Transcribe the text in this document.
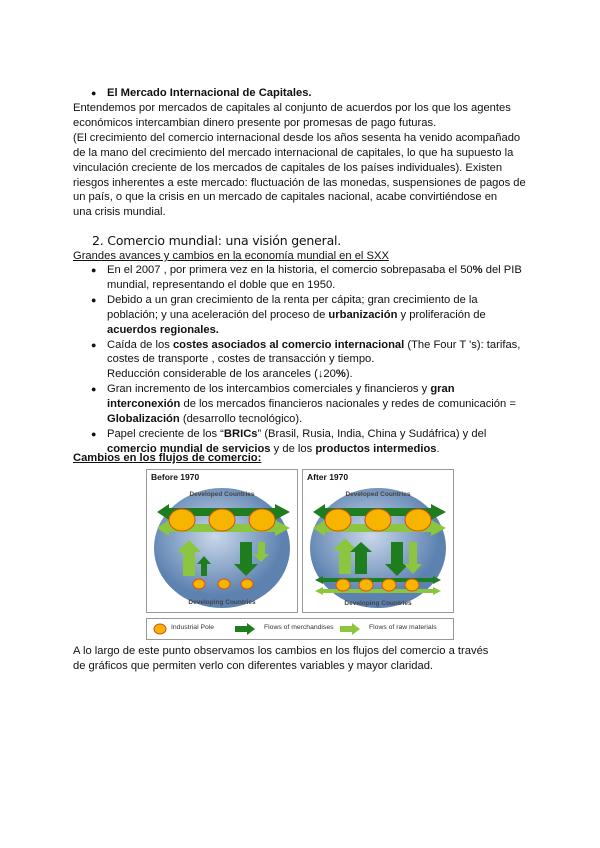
● El Mercado Internacional de Capitales.
Entendemos por mercados de capitales al conjunto de acuerdos por los que los agentes
económicos intercambian dinero presente por promesas de pago futuras.
(El crecimiento del comercio internacional desde los años sesenta ha venido acompañado
de la mano del crecimiento del mercado internacional de capitales, lo que ha supuesto la
vinculación creciente de los mercados de capitales de los países individuales). Existen
riesgos inherentes a este mercado: fluctuación de las monedas, suspensiones de pagos de
un país, o que la crisis en un mercado de capitales nacional, acabe convirtiéndose en
una crisis mundial.
2. Comercio mundial: una visión general.
Grandes avances y cambios en la economía mundial en el SXX
● En el 2007 , por primera vez en la historia, el comercio sobrepasaba el 50% del PIB
mundial, representando el doble que en 1950.
● Debido a un gran crecimiento de la renta per cápita; gran crecimiento de la
población; y una aceleración del proceso de urbanización y proliferación de
acuerdos regionales.
● Caída de los costes asociados al comercio internacional (The Four T 's): tarifas,
costes de transporte , costes de transacción y tiempo.
Reducción considerable de los aranceles (↓20%).
● Gran incremento de los intercambios comerciales y financieros y gran
interconexión de los mercados financieros nacionales y redes de comunicación =
Globalización (desarrollo tecnológico).
● Papel creciente de los “BRICs” (Brasil, Rusia, India, China y Sudáfrica) y del
comercio mundial de servicios y de los productos intermedios.
Cambios en los flujos de comercio:
Before 1970
Developed Countries
Developing Countries
After 1970
Developed Countries
Developing Countries
Industrial Pole	Flows of merchandises	Flows of raw materials
A lo largo de este punto observamos los cambios en los flujos del comercio a través
de gráficos que permiten verlo con diferentes variables y mayor claridad.
